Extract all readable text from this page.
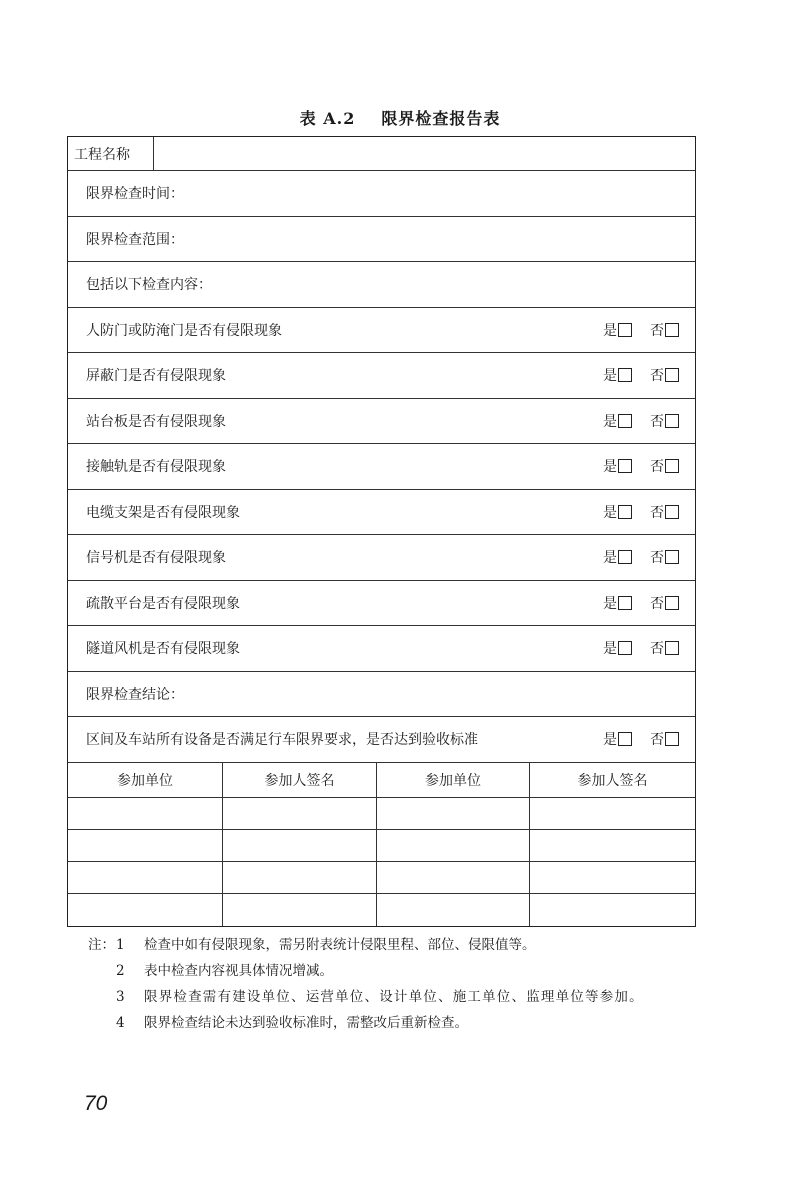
表 A.2 限界检查报告表
工程名称
限界检查时间：
限界检查范围：
包括以下检查内容：
人防门或防淹门是否有侵限现象	是 否
屏蔽门是否有侵限现象	是 否
站台板是否有侵限现象	是 否
接触轨是否有侵限现象	是 否
电缆支架是否有侵限现象	是 否
信号机是否有侵限现象	是 否
疏散平台是否有侵限现象	是 否
隧道风机是否有侵限现象	是 否
限界检查结论：
区间及车站所有设备是否满足行车限界要求，是否达到验收标准	是 否
参加单位	参加人签名	参加单位	参加人签名
注： 1	检查中如有侵限现象，需另附表统计侵限里程、部位、侵限值等。
2	表中检查内容视具体情况增减。
3	限界检查需有建设单位、运营单位、设计单位、施工单位、监理单位等参加。
4	限界检查结论未达到验收标准时，需整改后重新检查。
70
